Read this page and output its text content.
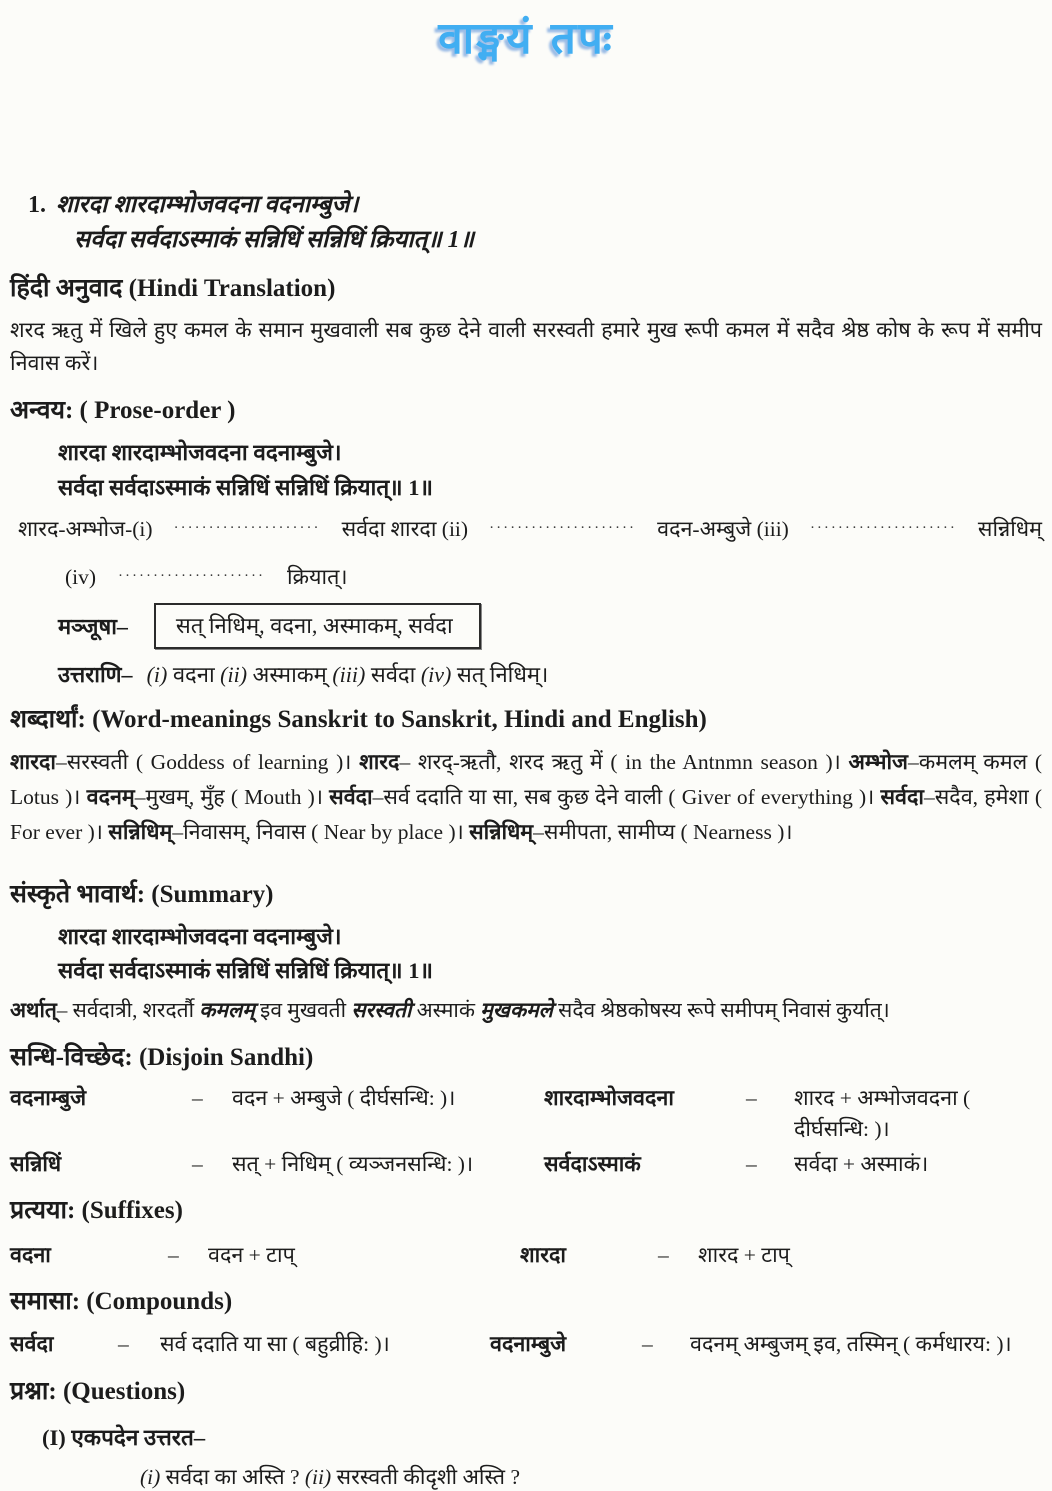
वाङ्मयं तपः
1. शारदा शारदाम्भोजवदना वदनाम्बुजे।
सर्वदा सर्वदाऽस्माकं सन्निधिं सन्निधिं क्रियात्॥ 1॥
हिंदी अनुवाद (Hindi Translation)

शरद ऋतु में खिले हुए कमल के समान मुखवाली सब कुछ देने वाली सरस्वती हमारे मुख रूपी कमल में सदैव श्रेष्ठ कोष के रूप में समीप निवास करें।

अन्वय: ( Prose-order )
शारदा शारदाम्भोजवदना वदनाम्बुजे।
सर्वदा सर्वदाऽस्माकं सन्निधिं सन्निधिं क्रियात्॥ 1॥
शारद-अम्भोज-(i) ····················· सर्वदा शारदा (ii) ····················· वदन-अम्बुजे (iii) ····················· सन्निधिम्
(iv) ····················· क्रियात्।
मञ्जूषा–	सत् निधिम्, वदना, अस्माकम्, सर्वदा
उत्तराणि– (i) वदना (ii) अस्माकम् (iii) सर्वदा (iv) सत् निधिम्।
शब्दार्थां: (Word-meanings Sanskrit to Sanskrit, Hindi and English)

शारदा–सरस्वती ( Goddess of learning )। शारद– शरद्-ऋतौ, शरद ऋतु में ( in the Antnmn season )। अम्भोज–कमलम् कमल ( Lotus )। वदनम्–मुखम्, मुँह ( Mouth )। सर्वदा–सर्व ददाति या सा, सब कुछ देने वाली ( Giver of everything )। सर्वदा–सदैव, हमेशा ( For ever )। सन्निधिम्–निवासम्, निवास ( Near by place )। सन्निधिम्–समीपता, सामीप्य ( Nearness )।

संस्कृते भावार्थ: (Summary)
शारदा शारदाम्भोजवदना वदनाम्बुजे।
सर्वदा सर्वदाऽस्माकं सन्निधिं सन्निधिं क्रियात्॥ 1॥

अर्थात्– सर्वदात्री, शरदर्तौ कमलम् इव मुखवती सरस्वती अस्माकं मुखकमले सदैव श्रेष्ठकोषस्य रूपे समीपम् निवासं कुर्यात्।

सन्धि-विच्छेद: (Disjoin Sandhi)
वदनाम्बुजे	–	वदन + अम्बुजे ( दीर्घसन्धि: )।	शारदाम्भोजवदना	–	शारद + अम्भोजवदना ( दीर्घसन्धि: )।
सन्निधिं	–	सत् + निधिम् ( व्यञ्जनसन्धि: )।	सर्वदाऽस्माकं	–	सर्वदा + अस्माकं।
प्रत्यया: (Suffixes)
वदना	–	वदन + टाप्	शारदा	–	शारद + टाप्
समासा: (Compounds)
सर्वदा	–	सर्व ददाति या सा ( बहुव्रीहि: )।	वदनाम्बुजे	–	वदनम् अम्बुजम् इव, तस्मिन् ( कर्मधारय: )।
प्रश्ना: (Questions)
(I) एकपदेन उत्तरत–
(i) सर्वदा का अस्ति ? (ii) सरस्वती कीदृशी अस्ति ?
